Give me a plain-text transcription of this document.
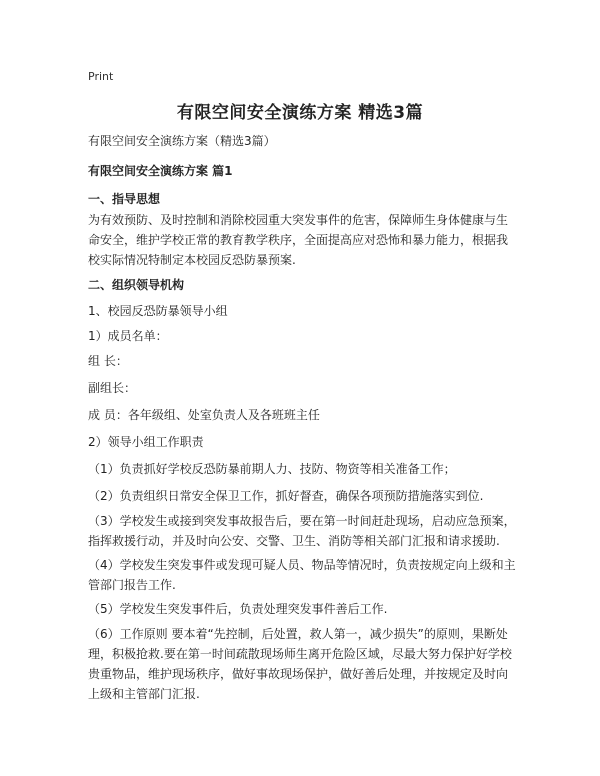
Print
有限空间安全演练方案 精选3篇
有限空间安全演练方案（精选3篇）
有限空间安全演练方案 篇1
一、指导思想
为有效预防、及时控制和消除校园重大突发事件的危害，保障师生身体健康与生命安全，维护学校正常的教育教学秩序，全面提高应对恐怖和暴力能力，根据我校实际情况特制定本校园反恐防暴预案.
二、组织领导机构
1、校园反恐防暴领导小组
1）成员名单：
组 长：
副组长：
成 员：各年级组、处室负责人及各班班主任
2）领导小组工作职责
（1）负责抓好学校反恐防暴前期人力、技防、物资等相关准备工作；
（2）负责组织日常安全保卫工作，抓好督查，确保各项预防措施落实到位.
（3）学校发生或接到突发事故报告后，要在第一时间赶赴现场，启动应急预案，指挥救援行动，并及时向公安、交警、卫生、消防等相关部门汇报和请求援助.
（4）学校发生突发事件或发现可疑人员、物品等情况时，负责按规定向上级和主管部门报告工作.
（5）学校发生突发事件后，负责处理突发事件善后工作.
（6）工作原则 要本着“先控制，后处置，救人第一，减少损失”的原则，果断处理，积极抢救.要在第一时间疏散现场师生离开危险区域，尽最大努力保护好学校贵重物品，维护现场秩序，做好事故现场保护，做好善后处理，并按规定及时向上级和主管部门汇报.
